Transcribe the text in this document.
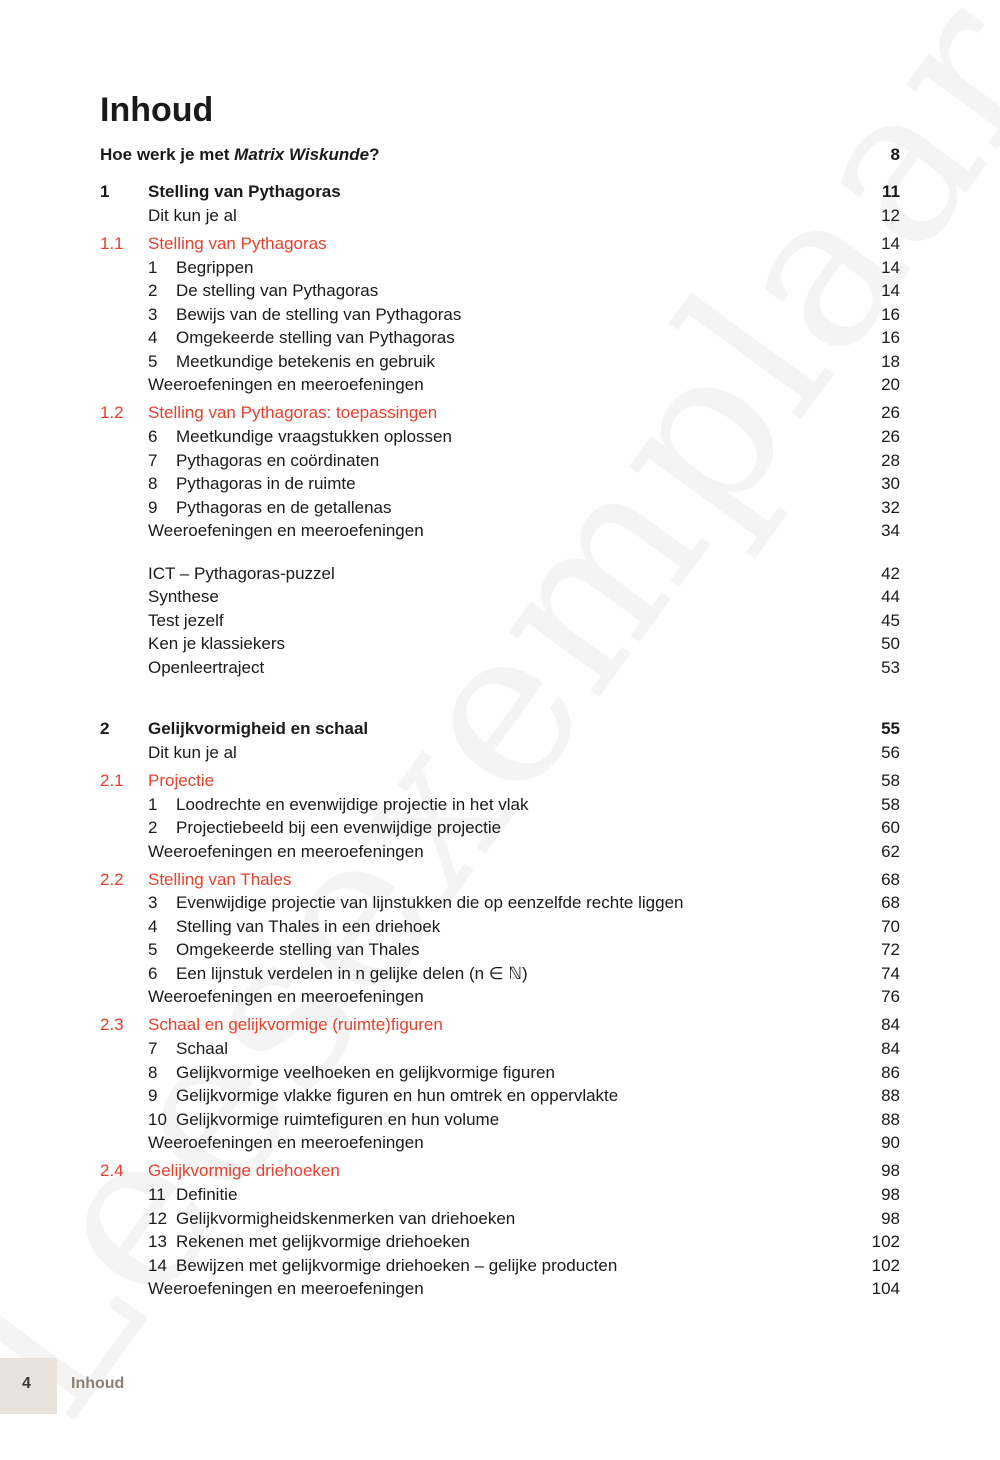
Inhoud
Hoe werk je met Matrix Wiskunde?	8
1 Stelling van Pythagoras	11
Dit kun je al	12
1.1 Stelling van Pythagoras	14
1 Begrippen	14
2 De stelling van Pythagoras	14
3 Bewijs van de stelling van Pythagoras	16
4 Omgekeerde stelling van Pythagoras	16
5 Meetkundige betekenis en gebruik	18
Weeroefeningen en meeroefeningen	20
1.2 Stelling van Pythagoras: toepassingen	26
6 Meetkundige vraagstukken oplossen	26
7 Pythagoras en coördinaten	28
8 Pythagoras in de ruimte	30
9 Pythagoras en de getallenas	32
Weeroefeningen en meeroefeningen	34
ICT – Pythagoras-puzzel	42
Synthese	44
Test jezelf	45
Ken je klassiekers	50
Openleertraject	53
2 Gelijkvormigheid en schaal	55
Dit kun je al	56
2.1 Projectie	58
1 Loodrechte en evenwijdige projectie in het vlak	58
2 Projectiebeeld bij een evenwijdige projectie	60
Weeroefeningen en meeroefeningen	62
2.2 Stelling van Thales	68
3 Evenwijdige projectie van lijnstukken die op eenzelfde rechte liggen	68
4 Stelling van Thales in een driehoek	70
5 Omgekeerde stelling van Thales	72
6 Een lijnstuk verdelen in n gelijke delen (n ∈ ℕ)	74
Weeroefeningen en meeroefeningen	76
2.3 Schaal en gelijkvormige (ruimte)figuren	84
7 Schaal	84
8 Gelijkvormige veelhoeken en gelijkvormige figuren	86
9 Gelijkvormige vlakke figuren en hun omtrek en oppervlakte	88
10 Gelijkvormige ruimtefiguren en hun volume	88
Weeroefeningen en meeroefeningen	90
2.4 Gelijkvormige driehoeken	98
11 Definitie	98
12 Gelijkvormigheidskenmerken van driehoeken	98
13 Rekenen met gelijkvormige driehoeken	102
14 Bewijzen met gelijkvormige driehoeken – gelijke producten	102
Weeroefeningen en meeroefeningen	104
4	Inhoud
